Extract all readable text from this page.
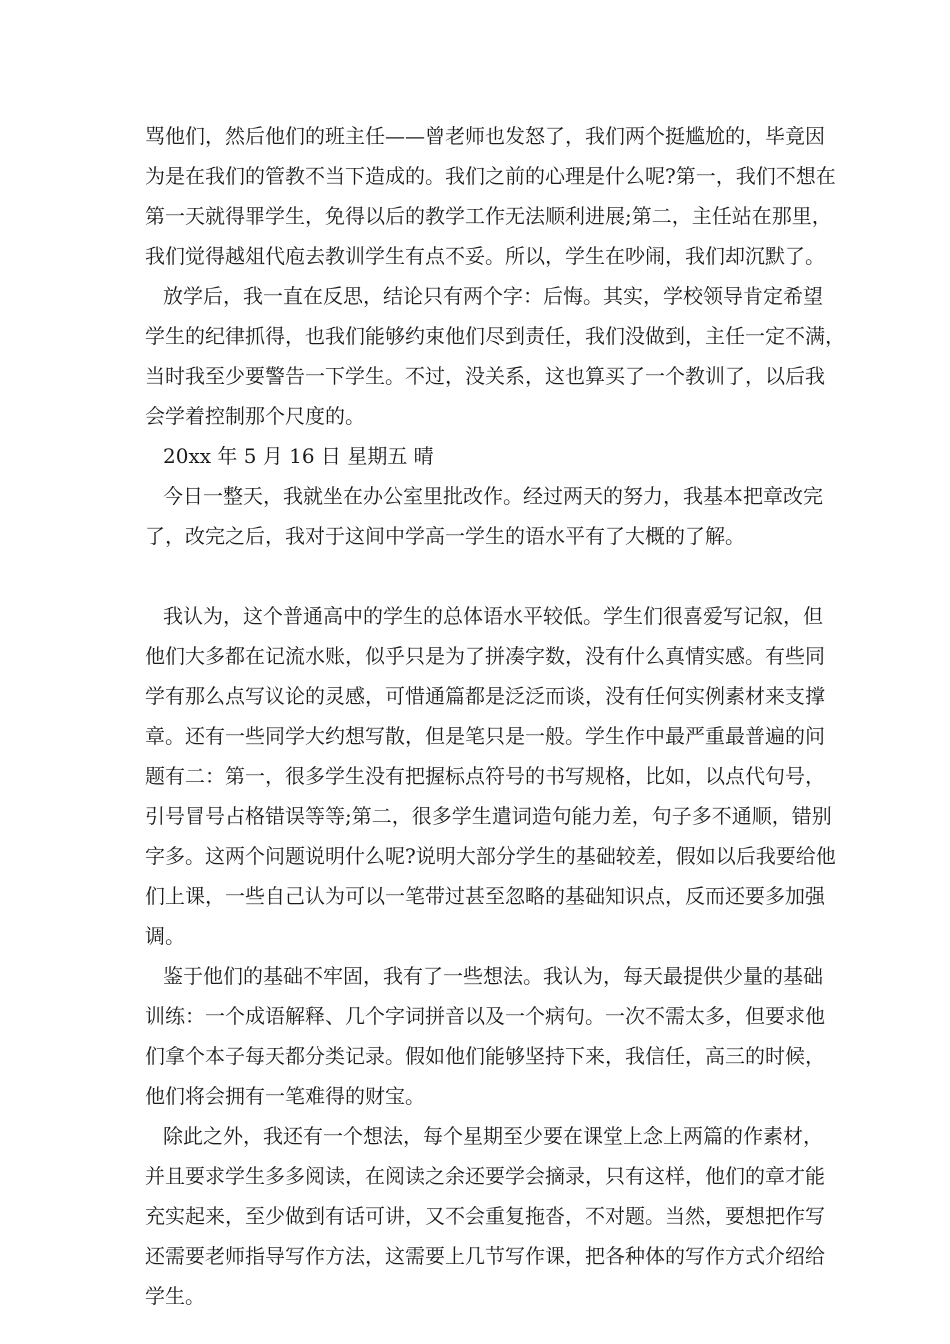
骂他们，然后他们的班主任——曾老师也发怒了，我们两个挺尴尬的，毕竟因
为是在我们的管教不当下造成的。我们之前的心理是什么呢?第一，我们不想在
第一天就得罪学生，免得以后的教学工作无法顺利进展;第二，主任站在那里，
我们觉得越俎代庖去教训学生有点不妥。所以，学生在吵闹，我们却沉默了。
放学后，我一直在反思，结论只有两个字：后悔。其实，学校领导肯定希望
学生的纪律抓得，也我们能够约束他们尽到责任，我们没做到，主任一定不满，
当时我至少要警告一下学生。不过，没关系，这也算买了一个教训了，以后我
会学着控制那个尺度的。
20xx 年 5 月 16 日 星期五 晴
今日一整天，我就坐在办公室里批改作。经过两天的努力，我基本把章改完
了，改完之后，我对于这间中学高一学生的语水平有了大概的了解。
我认为，这个普通高中的学生的总体语水平较低。学生们很喜爱写记叙，但
他们大多都在记流水账，似乎只是为了拼凑字数，没有什么真情实感。有些同
学有那么点写议论的灵感，可惜通篇都是泛泛而谈，没有任何实例素材来支撑
章。还有一些同学大约想写散，但是笔只是一般。学生作中最严重最普遍的问
题有二：第一，很多学生没有把握标点符号的书写规格，比如，以点代句号，
引号冒号占格错误等等;第二，很多学生遣词造句能力差，句子多不通顺，错别
字多。这两个问题说明什么呢?说明大部分学生的基础较差，假如以后我要给他
们上课，一些自己认为可以一笔带过甚至忽略的基础知识点，反而还要多加强
调。
鉴于他们的基础不牢固，我有了一些想法。我认为，每天最提供少量的基础
训练：一个成语解释、几个字词拼音以及一个病句。一次不需太多，但要求他
们拿个本子每天都分类记录。假如他们能够坚持下来，我信任，高三的时候，
他们将会拥有一笔难得的财宝。
除此之外，我还有一个想法，每个星期至少要在课堂上念上两篇的作素材，
并且要求学生多多阅读，在阅读之余还要学会摘录，只有这样，他们的章才能
充实起来，至少做到有话可讲，又不会重复拖沓，不对题。当然，要想把作写
还需要老师指导写作方法，这需要上几节写作课，把各种体的写作方式介绍给
学生。
